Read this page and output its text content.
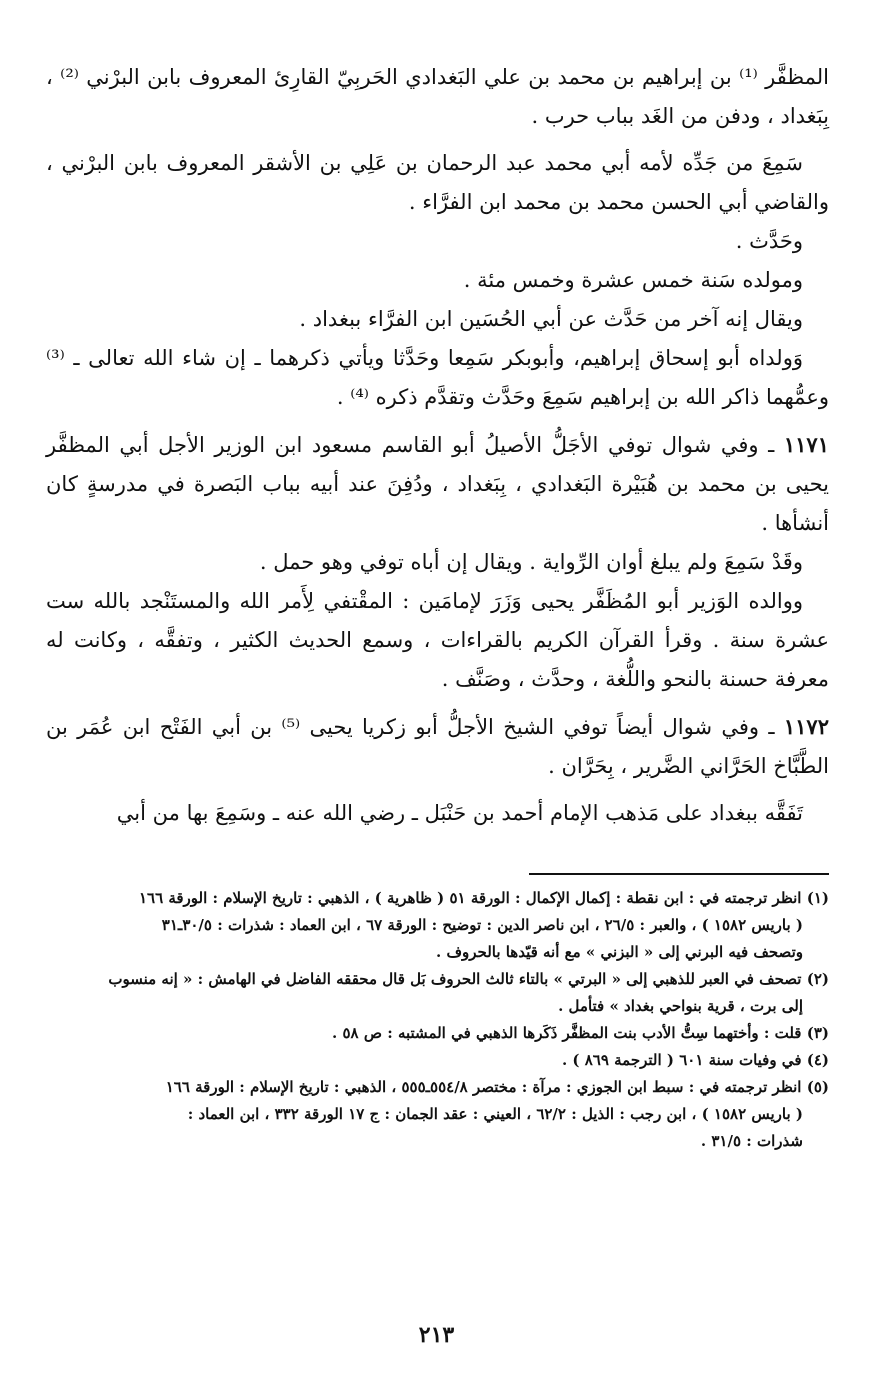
المظفَّر ⁽¹⁾ بن إبراهيم بن محمد بن علي البَغدادي الحَربِيّ القارِئ المعروف بابن البرْني ⁽²⁾ ، بِبَغداد ، ودفن من الغَد بباب حرب .

سَمِعَ من جَدِّه لأمه أبي محمد عبد الرحمان بن عَلِي بن الأشقر المعروف بابن البرْني ، والقاضي أبي الحسن محمد بن محمد ابن الفرَّاء .

وحَدَّث .

ومولده سَنة خمس عشرة وخمس مئة .

ويقال إنه آخر من حَدَّث عن أبي الحُسَين ابن الفرَّاء ببغداد .

وَولداه أبو إسحاق إبراهيم، وأبوبكر سَمِعا وحَدَّثا ويأتي ذكرهما ـ إن شاء الله تعالى ـ ⁽³⁾ وعمُّهما ذاكر الله بن إبراهيم سَمِعَ وحَدَّث وتقدَّم ذكره ⁽⁴⁾ .

١١٧١ ـ وفي شوال توفي الأجَلُّ الأصيلُ أبو القاسم مسعود ابن الوزير الأجل أبي المظفَّر يحيى بن محمد بن هُبَيْرة البَغدادي ، بِبَغداد ، ودُفِنَ عند أبيه بباب البَصرة في مدرسةٍ كان أنشأها .

وقَدْ سَمِعَ ولم يبلغ أوان الرِّواية . ويقال إن أباه توفي وهو حمل .

ووالده الوَزير أبو المُظَفَّر يحيى وَزَرَ لإمامَين : المقْتفي لِأَمر الله والمستَنْجد بالله ست عشرة سنة . وقرأ القرآن الكريم بالقراءات ، وسمع الحديث الكثير ، وتفقَّه ، وكانت له معرفة حسنة بالنحو واللُّغة ، وحدَّث ، وصَنَّف .

١١٧٢ ـ وفي شوال أيضاً توفي الشيخ الأجلُّ أبو زكريا يحيى ⁽⁵⁾ بن أبي الفَتْح ابن عُمَر بن الطَّبَّاخ الحَرَّاني الضَّرير ، بِحَرَّان .

تَفَقَّه ببغداد على مَذهب الإمام أحمد بن حَنْبَل ـ رضي الله عنه ـ وسَمِعَ بها من أبي

(١) انظر ترجمته في : ابن نقطة : إكمال الإكمال : الورقة ٥١ ( ظاهرية ) ، الذهبي : تاريخ الإسلام : الورقة ١٦٦
( باريس ١٥٨٢ ) ، والعبر : ٢٦/٥ ، ابن ناصر الدين : توضيح : الورقة ٦٧ ، ابن العماد : شذرات : ٣٠/٥ـ٣١
وتصحف فيه البرني إلى « البزني » مع أنه قيّدها بالحروف .

(٢) تصحف في العبر للذهبي إلى « البرتي » بالتاء ثالث الحروف بَل قال محققه الفاضل في الهامش : « إنه منسوب
إلى برت ، قرية بنواحي بغداد » فتأمل .

(٣) قلت : وأختهما سِتُّ الأدب بنت المظفَّر ذَكَرها الذهبي في المشتبه : ص ٥٨ .

(٤) في وفيات سنة ٦٠١ ( الترجمة ٨٦٩ ) .

(٥) انظر ترجمته في : سبط ابن الجوزي : مرآة : مختصر ٥٥٤/٨ـ٥٥٥ ، الذهبي : تاريخ الإسلام : الورقة ١٦٦
( باريس ١٥٨٢ ) ، ابن رجب : الذيل : ٦٢/٢ ، العيني : عقد الجمان : ج ١٧ الورقة ٣٣٢ ، ابن العماد :
شذرات : ٣١/٥ .

٢١٣
